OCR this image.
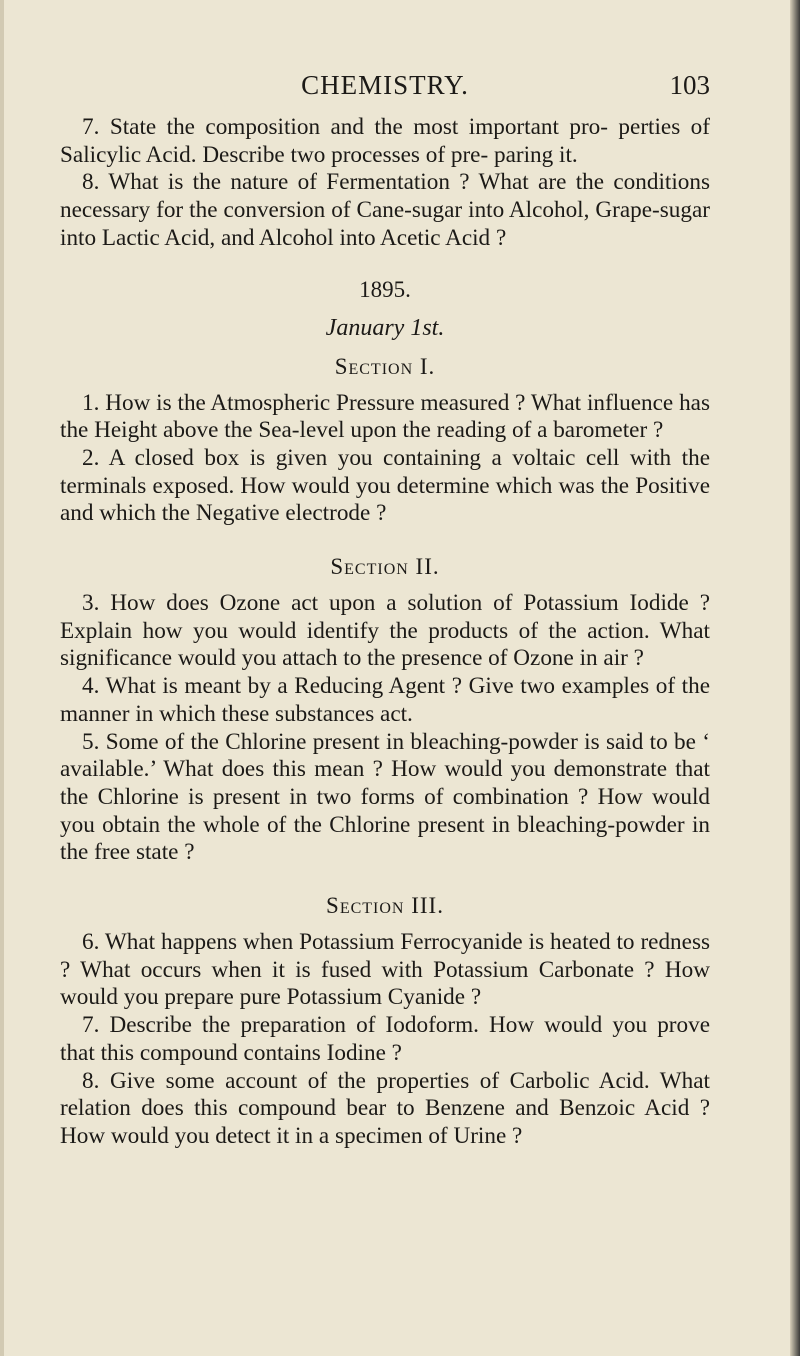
CHEMISTRY.	103

7. State the composition and the most important pro- perties of Salicylic Acid. Describe two processes of pre- paring it.

8. What is the nature of Fermentation ? What are the conditions necessary for the conversion of Cane-sugar into Alcohol, Grape-sugar into Lactic Acid, and Alcohol into Acetic Acid ?

1895.
January 1st.
Section I.

1. How is the Atmospheric Pressure measured ? What influence has the Height above the Sea-level upon the reading of a barometer ?

2. A closed box is given you containing a voltaic cell with the terminals exposed. How would you determine which was the Positive and which the Negative electrode ?

Section II.

3. How does Ozone act upon a solution of Potassium Iodide ? Explain how you would identify the products of the action. What significance would you attach to the presence of Ozone in air ?

4. What is meant by a Reducing Agent ? Give two examples of the manner in which these substances act.

5. Some of the Chlorine present in bleaching-powder is said to be ‘ available.’ What does this mean ? How would you demonstrate that the Chlorine is present in two forms of combination ? How would you obtain the whole of the Chlorine present in bleaching-powder in the free state ?

Section III.

6. What happens when Potassium Ferrocyanide is heated to redness ? What occurs when it is fused with Potassium Carbonate ? How would you prepare pure Potassium Cyanide ?

7. Describe the preparation of Iodoform. How would you prove that this compound contains Iodine ?

8. Give some account of the properties of Carbolic Acid. What relation does this compound bear to Benzene and Benzoic Acid ? How would you detect it in a specimen of Urine ?
